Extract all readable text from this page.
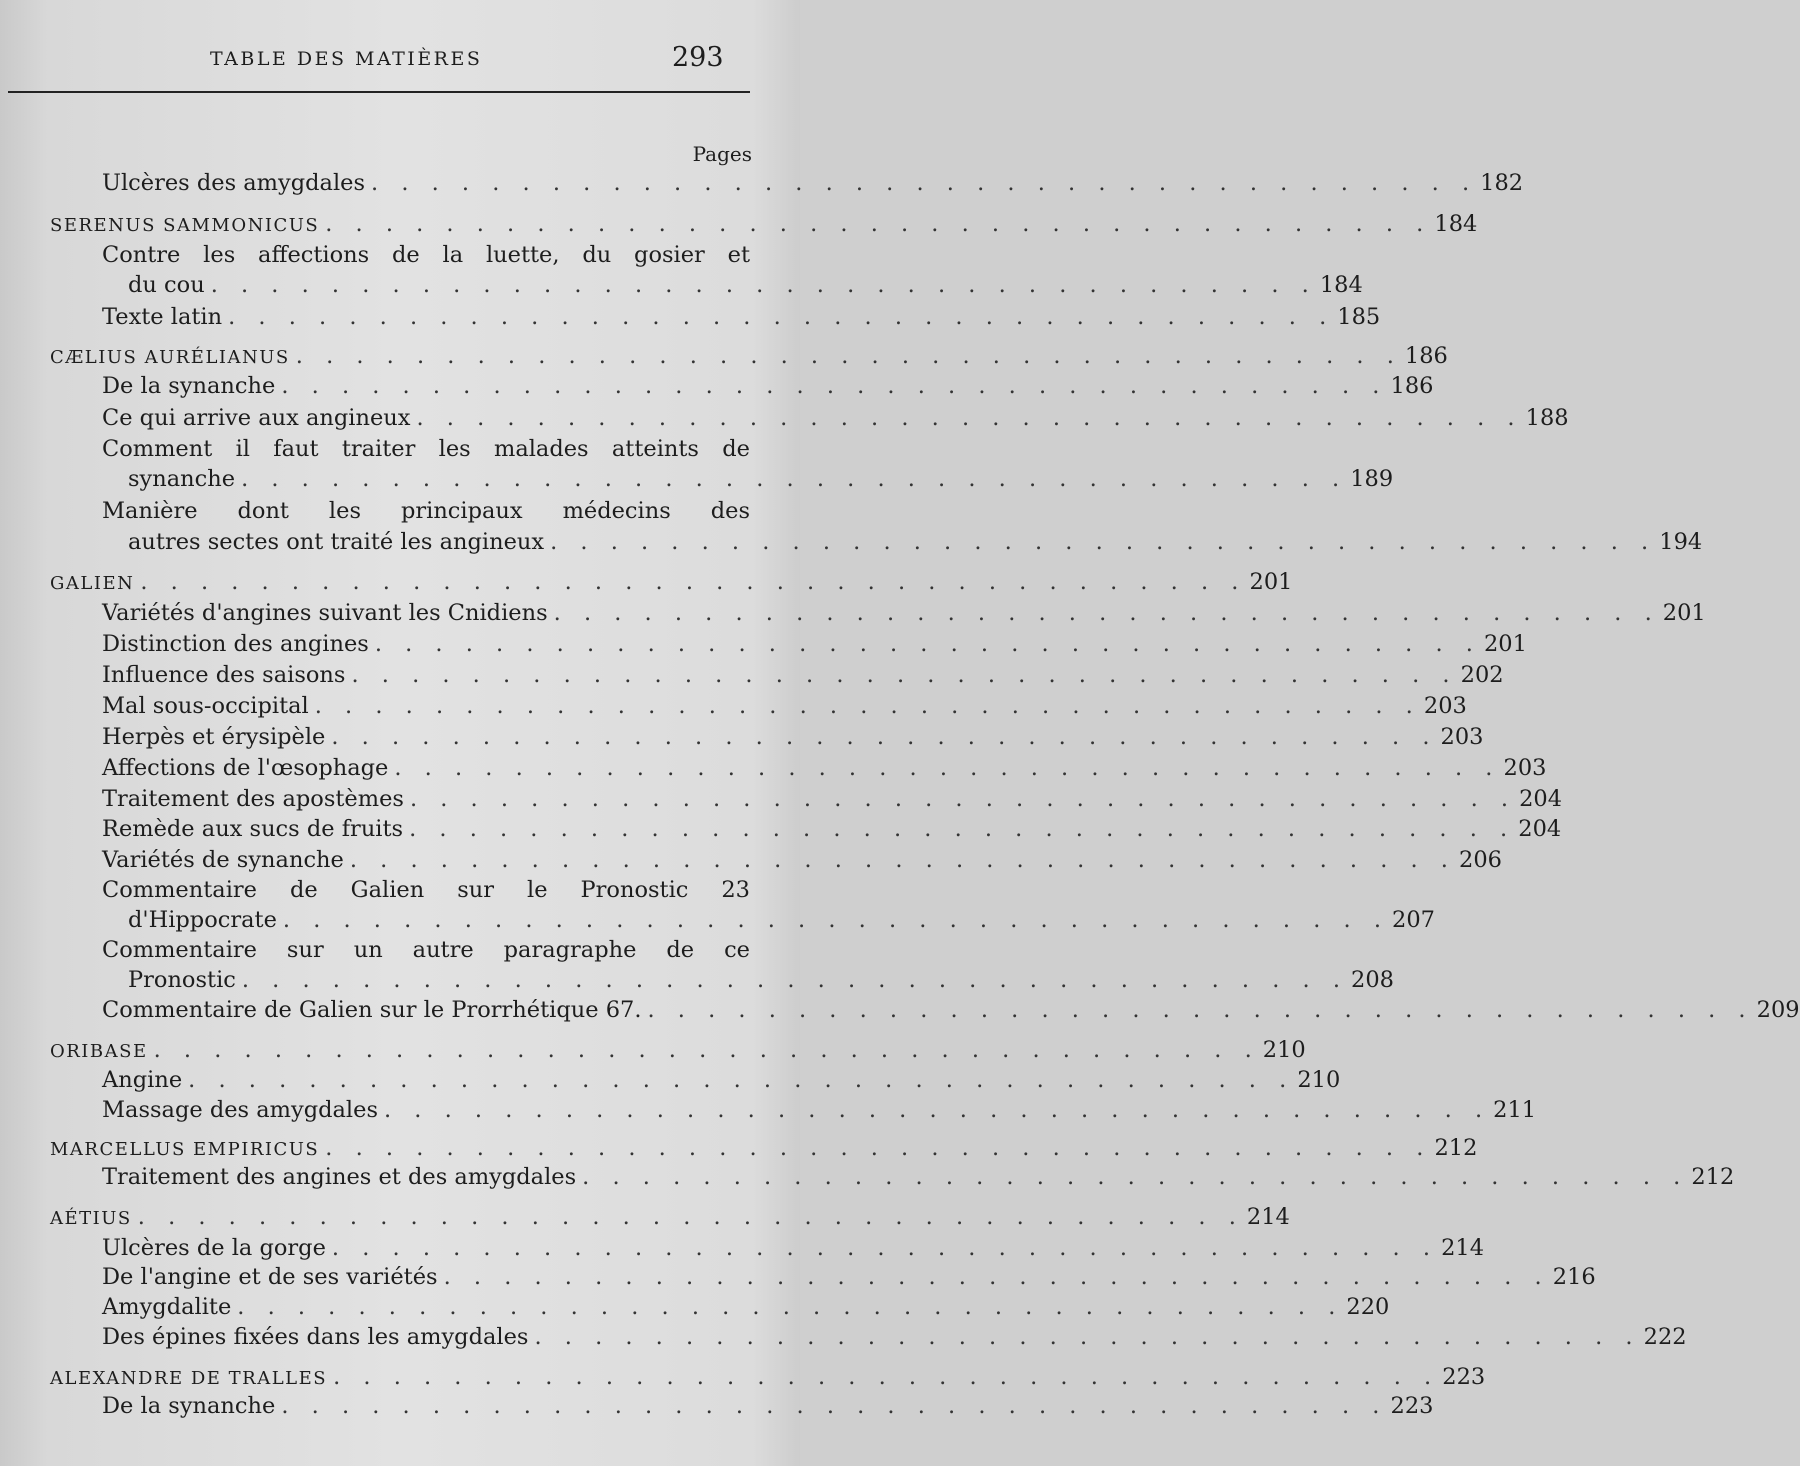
TABLE DES MATIÈRES	293
Pages
Ulcères des amygdales . . . . . . . . . . . . . . . . . . . . . . . . . . . . . . . . . . . . . 182
SERENUS SAMMONICUS . . . . . . . . . . . . . . . . . . . . . . . . . . . . . . . . . . . . . 184
Contre les affections de la luette, du gosier et
du cou . . . . . . . . . . . . . . . . . . . . . . . . . . . . . . . . . . . . . 184
Texte latin . . . . . . . . . . . . . . . . . . . . . . . . . . . . . . . . . . . . . 185
CÆLIUS AURÉLIANUS . . . . . . . . . . . . . . . . . . . . . . . . . . . . . . . . . . . . . 186
De la synanche . . . . . . . . . . . . . . . . . . . . . . . . . . . . . . . . . . . . . 186
Ce qui arrive aux angineux . . . . . . . . . . . . . . . . . . . . . . . . . . . . . . . . . . . . . 188
Comment il faut traiter les malades atteints de
synanche . . . . . . . . . . . . . . . . . . . . . . . . . . . . . . . . . . . . . 189
Manière dont les principaux médecins des
autres sectes ont traité les angineux . . . . . . . . . . . . . . . . . . . . . . . . . . . . . . . . . . . . . 194
GALIEN . . . . . . . . . . . . . . . . . . . . . . . . . . . . . . . . . . . . . 201
Variétés d'angines suivant les Cnidiens . . . . . . . . . . . . . . . . . . . . . . . . . . . . . . . . . . . . . 201
Distinction des angines . . . . . . . . . . . . . . . . . . . . . . . . . . . . . . . . . . . . . 201
Influence des saisons . . . . . . . . . . . . . . . . . . . . . . . . . . . . . . . . . . . . . 202
Mal sous-occipital . . . . . . . . . . . . . . . . . . . . . . . . . . . . . . . . . . . . . 203
Herpès et érysipèle . . . . . . . . . . . . . . . . . . . . . . . . . . . . . . . . . . . . . 203
Affections de l'œsophage . . . . . . . . . . . . . . . . . . . . . . . . . . . . . . . . . . . . . 203
Traitement des apostèmes . . . . . . . . . . . . . . . . . . . . . . . . . . . . . . . . . . . . . 204
Remède aux sucs de fruits . . . . . . . . . . . . . . . . . . . . . . . . . . . . . . . . . . . . . 204
Variétés de synanche . . . . . . . . . . . . . . . . . . . . . . . . . . . . . . . . . . . . . 206
Commentaire de Galien sur le Pronostic 23
d'Hippocrate . . . . . . . . . . . . . . . . . . . . . . . . . . . . . . . . . . . . . 207
Commentaire sur un autre paragraphe de ce
Pronostic . . . . . . . . . . . . . . . . . . . . . . . . . . . . . . . . . . . . . 208
Commentaire de Galien sur le Prorrhétique 67. . . . . . . . . . . . . . . . . . . . . . . . . . . . . . . . . . . . . . 209
ORIBASE . . . . . . . . . . . . . . . . . . . . . . . . . . . . . . . . . . . . . 210
Angine . . . . . . . . . . . . . . . . . . . . . . . . . . . . . . . . . . . . . 210
Massage des amygdales . . . . . . . . . . . . . . . . . . . . . . . . . . . . . . . . . . . . . 211
MARCELLUS EMPIRICUS . . . . . . . . . . . . . . . . . . . . . . . . . . . . . . . . . . . . . 212
Traitement des angines et des amygdales . . . . . . . . . . . . . . . . . . . . . . . . . . . . . . . . . . . . . 212
AÉTIUS . . . . . . . . . . . . . . . . . . . . . . . . . . . . . . . . . . . . . 214
Ulcères de la gorge . . . . . . . . . . . . . . . . . . . . . . . . . . . . . . . . . . . . . 214
De l'angine et de ses variétés . . . . . . . . . . . . . . . . . . . . . . . . . . . . . . . . . . . . . 216
Amygdalite . . . . . . . . . . . . . . . . . . . . . . . . . . . . . . . . . . . . . 220
Des épines fixées dans les amygdales . . . . . . . . . . . . . . . . . . . . . . . . . . . . . . . . . . . . . 222
ALEXANDRE DE TRALLES . . . . . . . . . . . . . . . . . . . . . . . . . . . . . . . . . . . . . 223
De la synanche . . . . . . . . . . . . . . . . . . . . . . . . . . . . . . . . . . . . . 223
